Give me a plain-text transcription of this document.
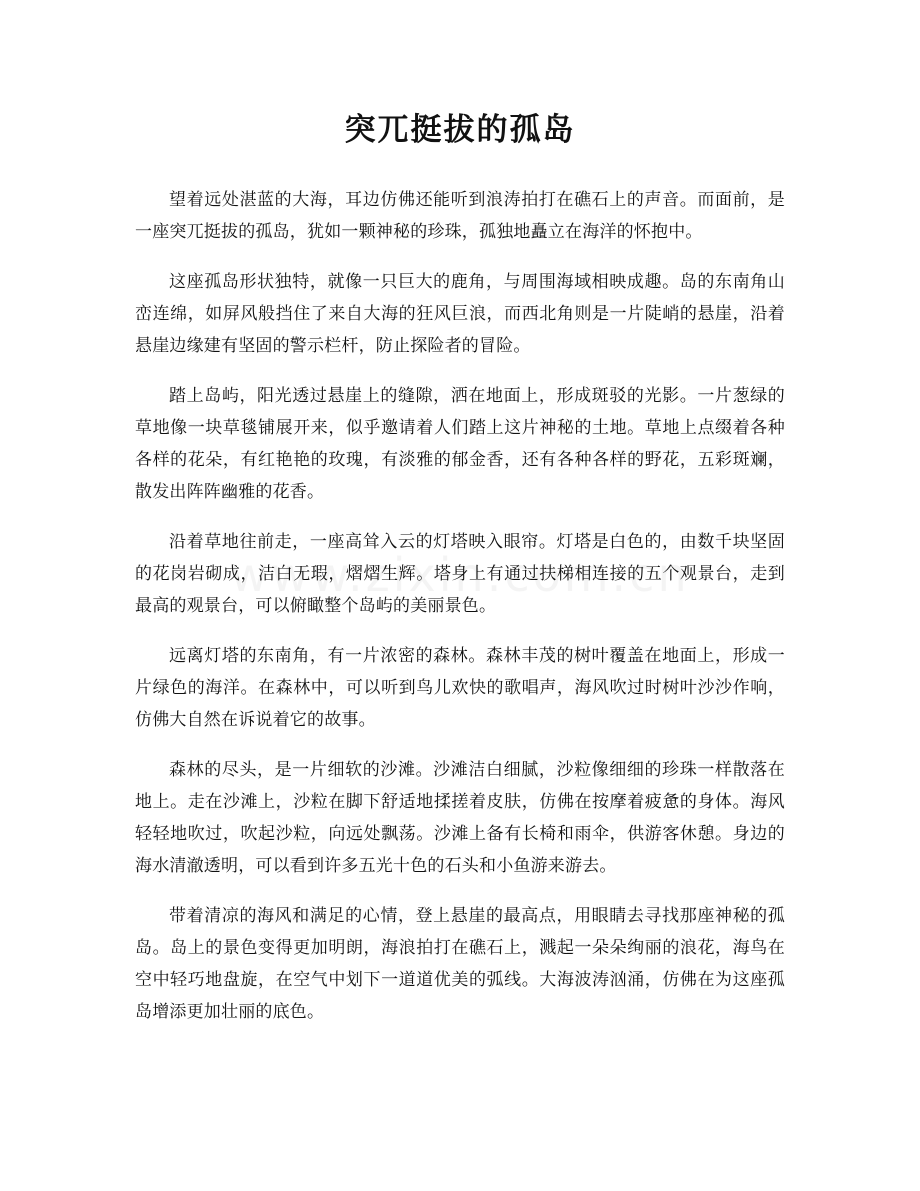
突兀挺拔的孤岛

望着远处湛蓝的大海，耳边仿佛还能听到浪涛拍打在礁石上的声音。而面前，是一座突兀挺拔的孤岛，犹如一颗神秘的珍珠，孤独地矗立在海洋的怀抱中。

这座孤岛形状独特，就像一只巨大的鹿角，与周围海域相映成趣。岛的东南角山峦连绵，如屏风般挡住了来自大海的狂风巨浪，而西北角则是一片陡峭的悬崖，沿着悬崖边缘建有坚固的警示栏杆，防止探险者的冒险。

踏上岛屿，阳光透过悬崖上的缝隙，洒在地面上，形成斑驳的光影。一片葱绿的草地像一块草毯铺展开来，似乎邀请着人们踏上这片神秘的土地。草地上点缀着各种各样的花朵，有红艳艳的玫瑰，有淡雅的郁金香，还有各种各样的野花，五彩斑斓，散发出阵阵幽雅的花香。

沿着草地往前走，一座高耸入云的灯塔映入眼帘。灯塔是白色的，由数千块坚固的花岗岩砌成，洁白无瑕，熠熠生辉。塔身上有通过扶梯相连接的五个观景台，走到最高的观景台，可以俯瞰整个岛屿的美丽景色。

远离灯塔的东南角，有一片浓密的森林。森林丰茂的树叶覆盖在地面上，形成一片绿色的海洋。在森林中，可以听到鸟儿欢快的歌唱声，海风吹过时树叶沙沙作响，仿佛大自然在诉说着它的故事。

森林的尽头，是一片细软的沙滩。沙滩洁白细腻，沙粒像细细的珍珠一样散落在地上。走在沙滩上，沙粒在脚下舒适地揉搓着皮肤，仿佛在按摩着疲惫的身体。海风轻轻地吹过，吹起沙粒，向远处飘荡。沙滩上备有长椅和雨伞，供游客休憩。身边的海水清澈透明，可以看到许多五光十色的石头和小鱼游来游去。

带着清凉的海风和满足的心情，登上悬崖的最高点，用眼睛去寻找那座神秘的孤岛。岛上的景色变得更加明朗，海浪拍打在礁石上，溅起一朵朵绚丽的浪花，海鸟在空中轻巧地盘旋，在空气中划下一道道优美的弧线。大海波涛汹涌，仿佛在为这座孤岛增添更加壮丽的底色。
